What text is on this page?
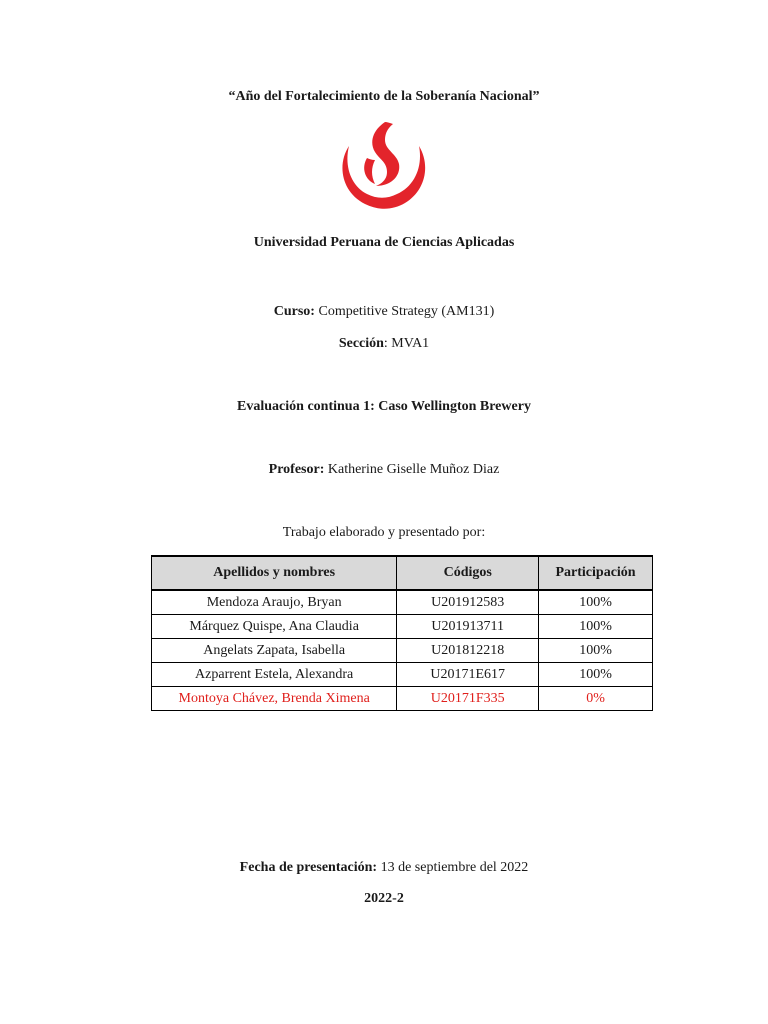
“Año del Fortalecimiento de la Soberanía Nacional”
Universidad Peruana de Ciencias Aplicadas
Curso: Competitive Strategy (AM131)
Sección: MVA1
Evaluación continua 1: Caso Wellington Brewery
Profesor: Katherine Giselle Muñoz Diaz
Trabajo elaborado y presentado por:
Apellidos y nombres	Códigos	Participación
Mendoza Araujo, Bryan	U201912583	100%
Márquez Quispe, Ana Claudia	U201913711	100%
Angelats Zapata, Isabella	U201812218	100%
Azparrent Estela, Alexandra	U20171E617	100%
Montoya Chávez, Brenda Ximena	U20171F335	0%
Fecha de presentación: 13 de septiembre del 2022
2022-2
